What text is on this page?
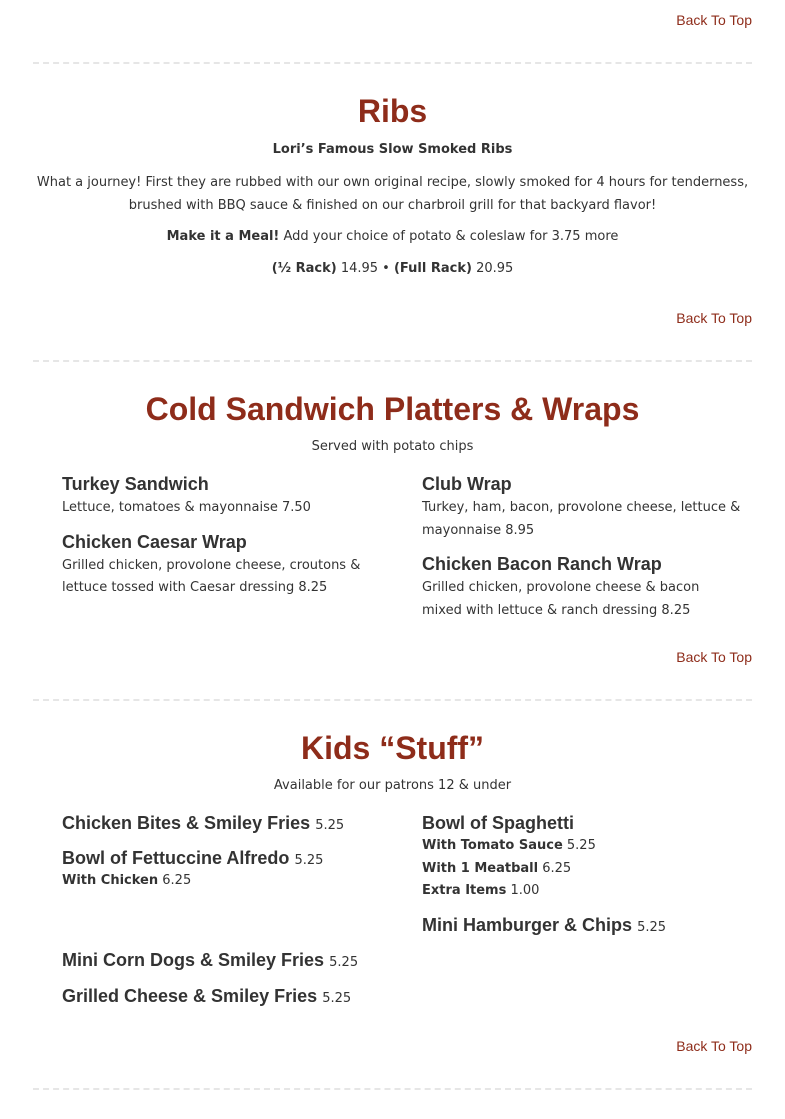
Back To Top
Ribs

Lori’s Famous Slow Smoked Ribs

What a journey! First they are rubbed with our own original recipe, slowly smoked for 4 hours for tenderness, brushed with BBQ sauce & finished on our charbroil grill for that backyard flavor!

Make it a Meal! Add your choice of potato & coleslaw for 3.75 more

(½ Rack) 14.95 • (Full Rack) 20.95

Back To Top
Cold Sandwich Platters & Wraps

Served with potato chips

Turkey Sandwich

Lettuce, tomatoes & mayonnaise 7.50

Chicken Caesar Wrap

Grilled chicken, provolone cheese, croutons & lettuce tossed with Caesar dressing 8.25

Club Wrap

Turkey, ham, bacon, provolone cheese, lettuce & mayonnaise 8.95

Chicken Bacon Ranch Wrap

Grilled chicken, provolone cheese & bacon mixed with lettuce & ranch dressing 8.25

Back To Top
Kids “Stuff”

Available for our patrons 12 & under

Chicken Bites & Smiley Fries 5.25
Bowl of Fettuccine Alfredo 5.25

With Chicken 6.25

Mini Corn Dogs & Smiley Fries 5.25
Grilled Cheese & Smiley Fries 5.25
Bowl of Spaghetti

With Tomato Sauce 5.25

With 1 Meatball 6.25

Extra Items 1.00

Mini Hamburger & Chips 5.25
Back To Top
